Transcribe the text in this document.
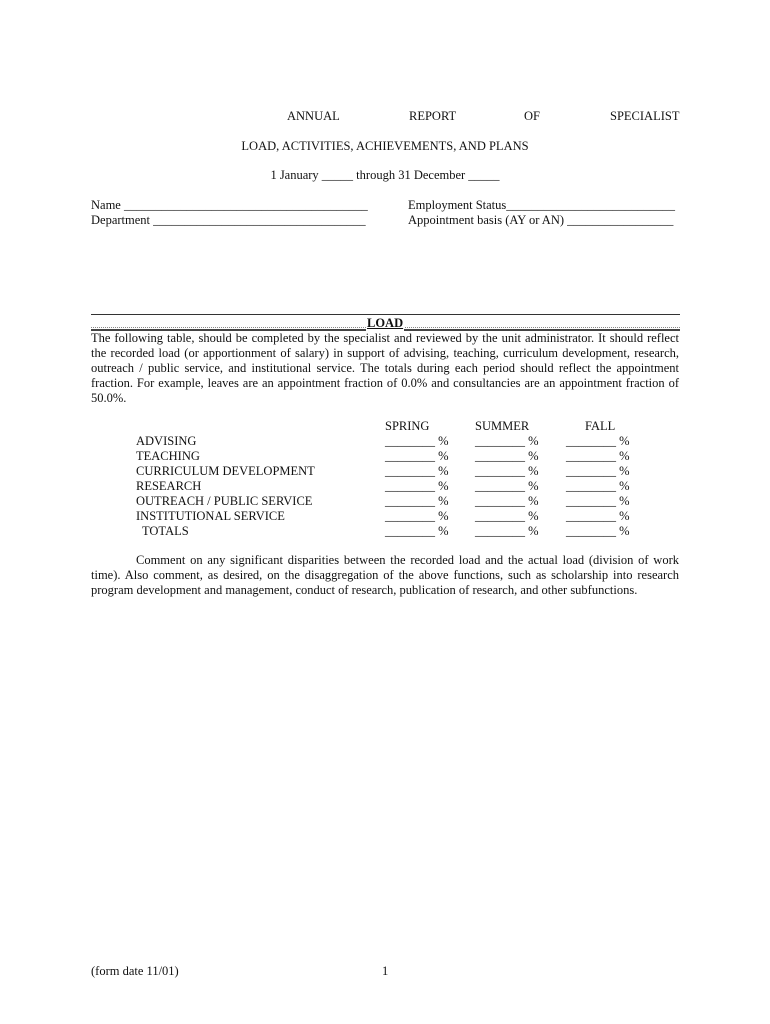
ANNUAL	REPORT	OF	SPECIALIST
LOAD, ACTIVITIES, ACHIEVEMENTS, AND PLANS
1 January _____ through 31 December _____
Name _______________________________________
Department __________________________________
Employment Status___________________________
Appointment basis (AY or AN) _________________
LOAD
The following table, should be completed by the specialist and reviewed by the unit administrator. It should reflect the recorded load (or apportionment of salary) in support of advising, teaching, curriculum development, research, outreach / public service, and institutional service. The totals during each period should reflect the appointment fraction. For example, leaves are an appointment fraction of 0.0% and consultancies are an appointment fraction of 50.0%.
SPRING	SUMMER	FALL
ADVISING	________ % ________ % ________ %
TEACHING	________ % ________ % ________ %
CURRICULUM DEVELOPMENT	________ % ________ % ________ %
RESEARCH	________ % ________ % ________ %
OUTREACH / PUBLIC SERVICE	________ % ________ % ________ %
INSTITUTIONAL SERVICE	________ % ________ % ________ %
TOTALS	________ % ________ % ________ %
Comment on any significant disparities between the recorded load and the actual load (division of work time). Also comment, as desired, on the disaggregation of the above functions, such as scholarship into research program development and management, conduct of research, publication of research, and other subfunctions.
(form date 11/01)	1
